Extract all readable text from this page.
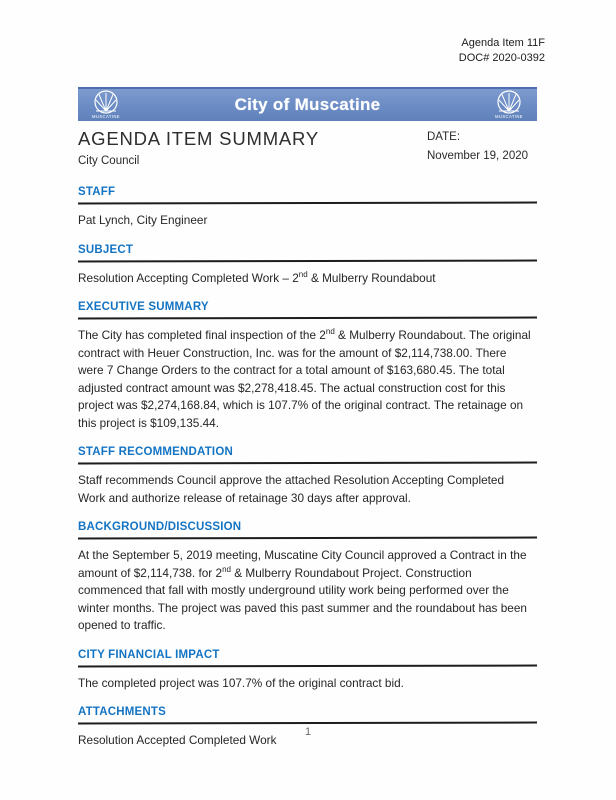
Agenda Item 11F
DOC# 2020-0392
MUSCATINE
City of Muscatine
MUSCATINE
AGENDA ITEM SUMMARY
City Council
DATE:
November 19, 2020
STAFF

Pat Lynch, City Engineer

SUBJECT

Resolution Accepting Completed Work – 2nd & Mulberry Roundabout

EXECUTIVE SUMMARY

The City has completed final inspection of the 2nd & Mulberry Roundabout. The original contract with Heuer Construction, Inc. was for the amount of $2,114,738.00. There were 7 Change Orders to the contract for a total amount of $163,680.45. The total adjusted contract amount was $2,278,418.45. The actual construction cost for this project was $2,274,168.84, which is 107.7% of the original contract. The retainage on this project is $109,135.44.

STAFF RECOMMENDATION

Staff recommends Council approve the attached Resolution Accepting Completed Work and authorize release of retainage 30 days after approval.

BACKGROUND/DISCUSSION

At the September 5, 2019 meeting, Muscatine City Council approved a Contract in the amount of $2,114,738. for 2nd & Mulberry Roundabout Project. Construction commenced that fall with mostly underground utility work being performed over the winter months. The project was paved this past summer and the roundabout has been opened to traffic.

CITY FINANCIAL IMPACT

The completed project was 107.7% of the original contract bid.

ATTACHMENTS

Resolution Accepted Completed Work

1
